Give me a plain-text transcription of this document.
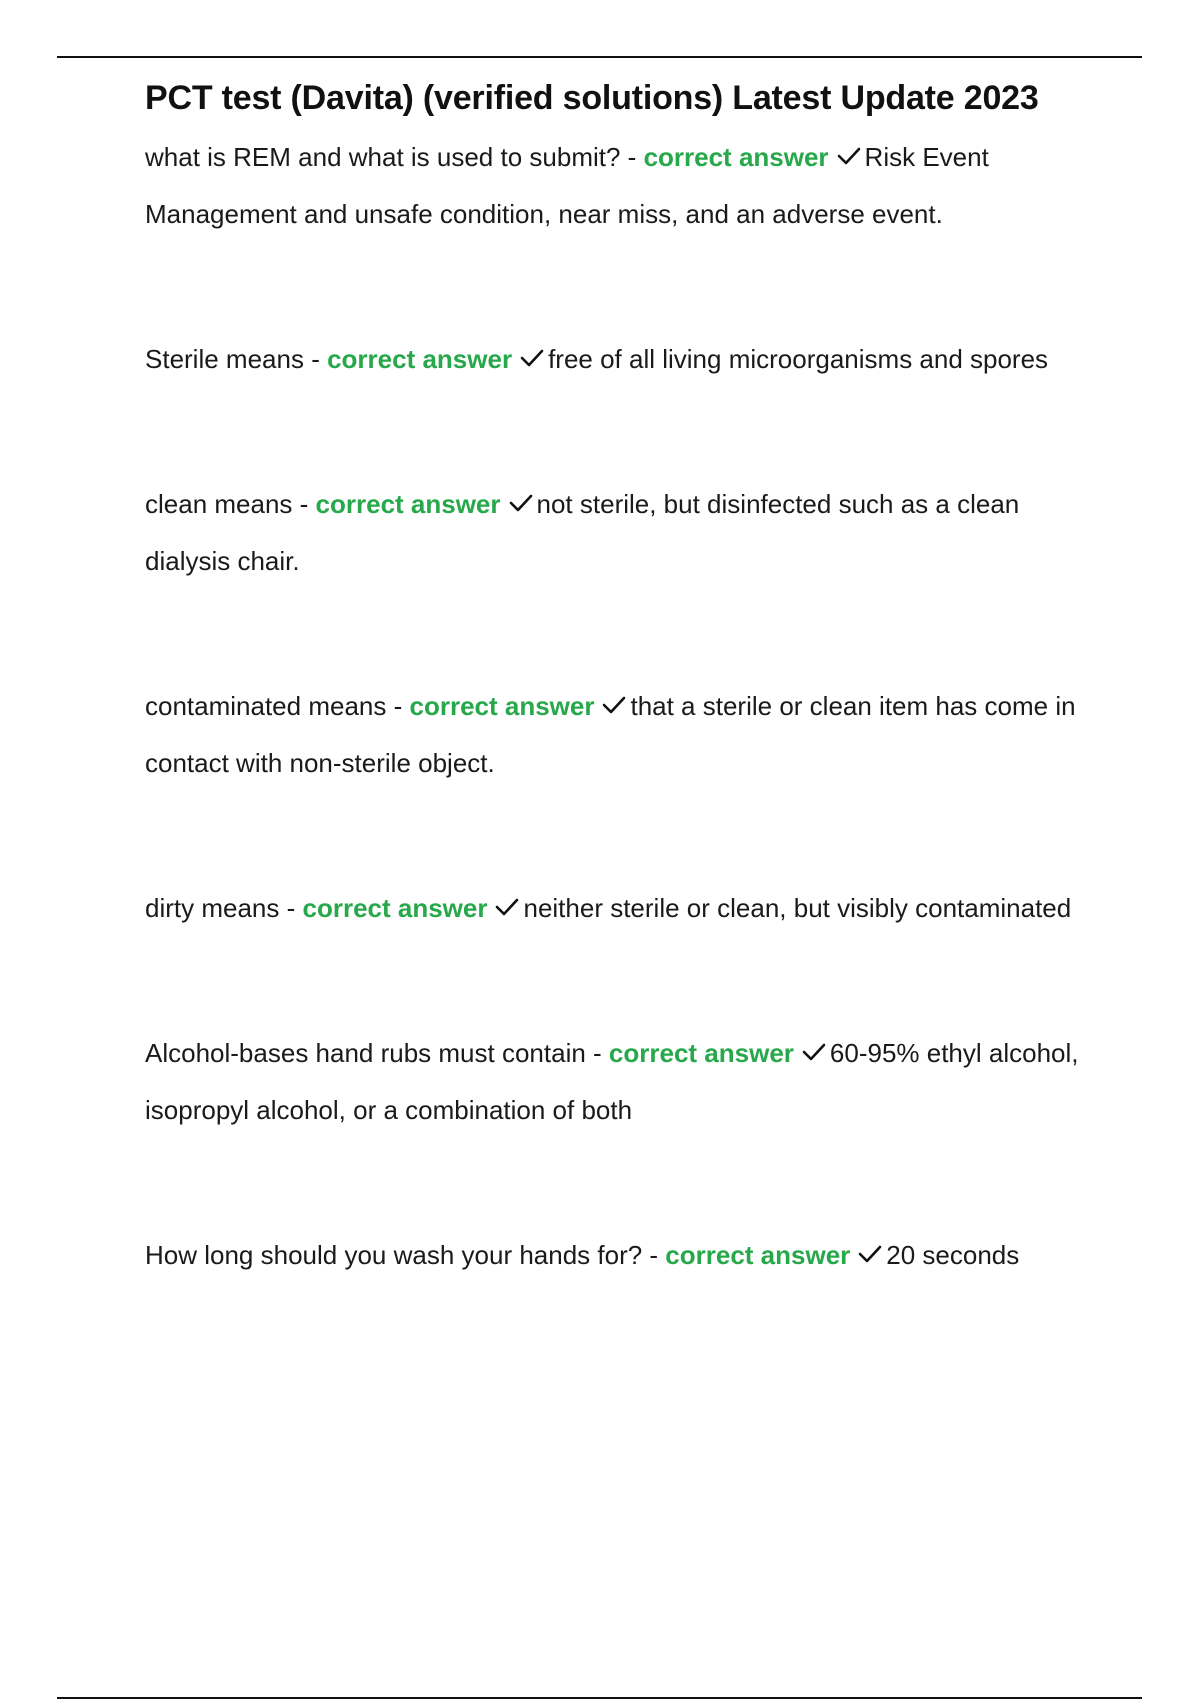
PCT test (Davita) (verified solutions) Latest Update 2023

what is REM and what is used to submit? - correct answer Risk Event Management and unsafe condition, near miss, and an adverse event.

Sterile means - correct answer free of all living microorganisms and spores

clean means - correct answer not sterile, but disinfected such as a clean dialysis chair.

contaminated means - correct answer that a sterile or clean item has come in contact with non-sterile object.

dirty means - correct answer neither sterile or clean, but visibly contaminated

Alcohol-bases hand rubs must contain - correct answer 60-95% ethyl alcohol, isopropyl alcohol, or a combination of both

How long should you wash your hands for? - correct answer 20 seconds
